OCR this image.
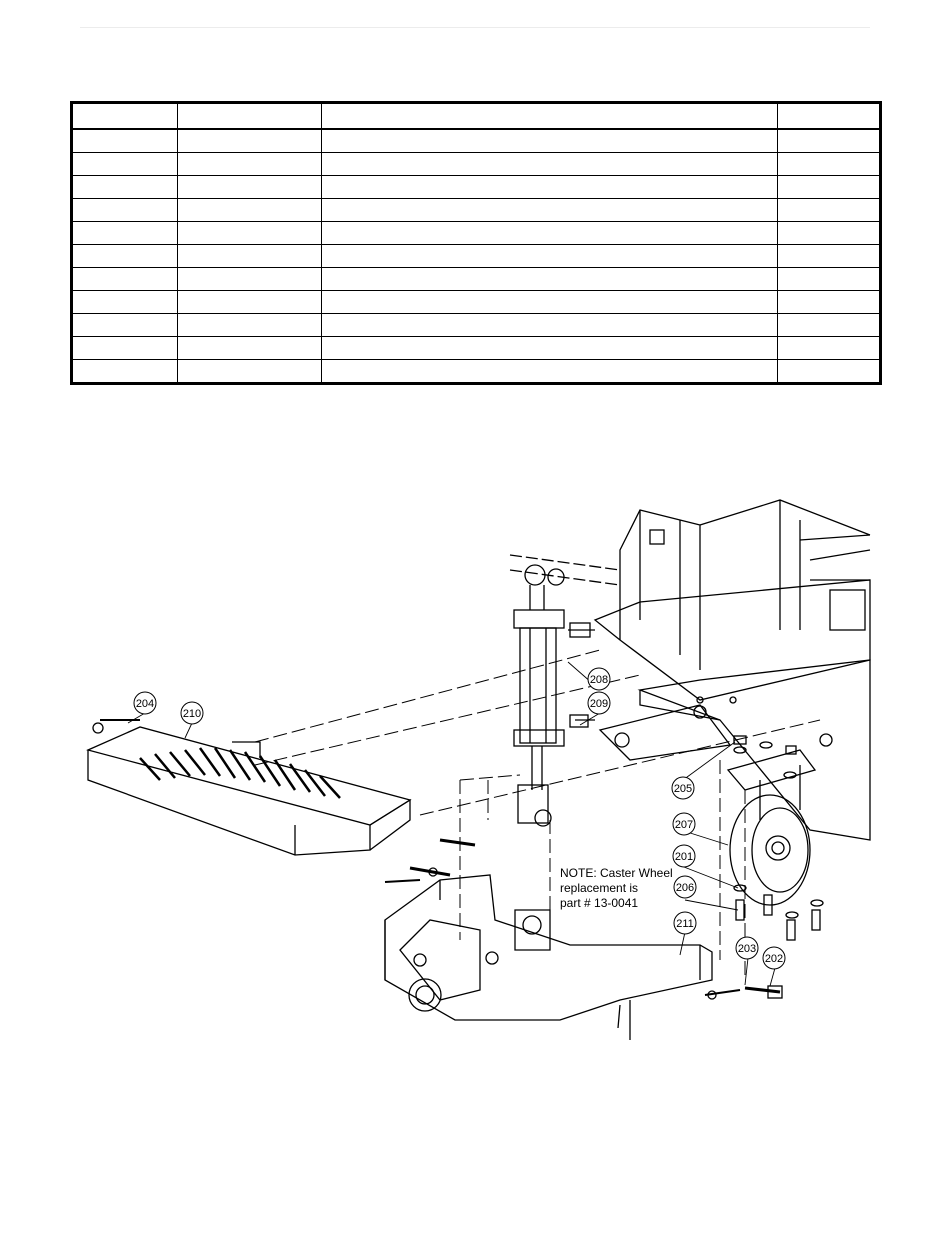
204
210
208
209
205
207
201
206
211
203
202
NOTE: Caster Wheel
replacement is
part # 13-0041
